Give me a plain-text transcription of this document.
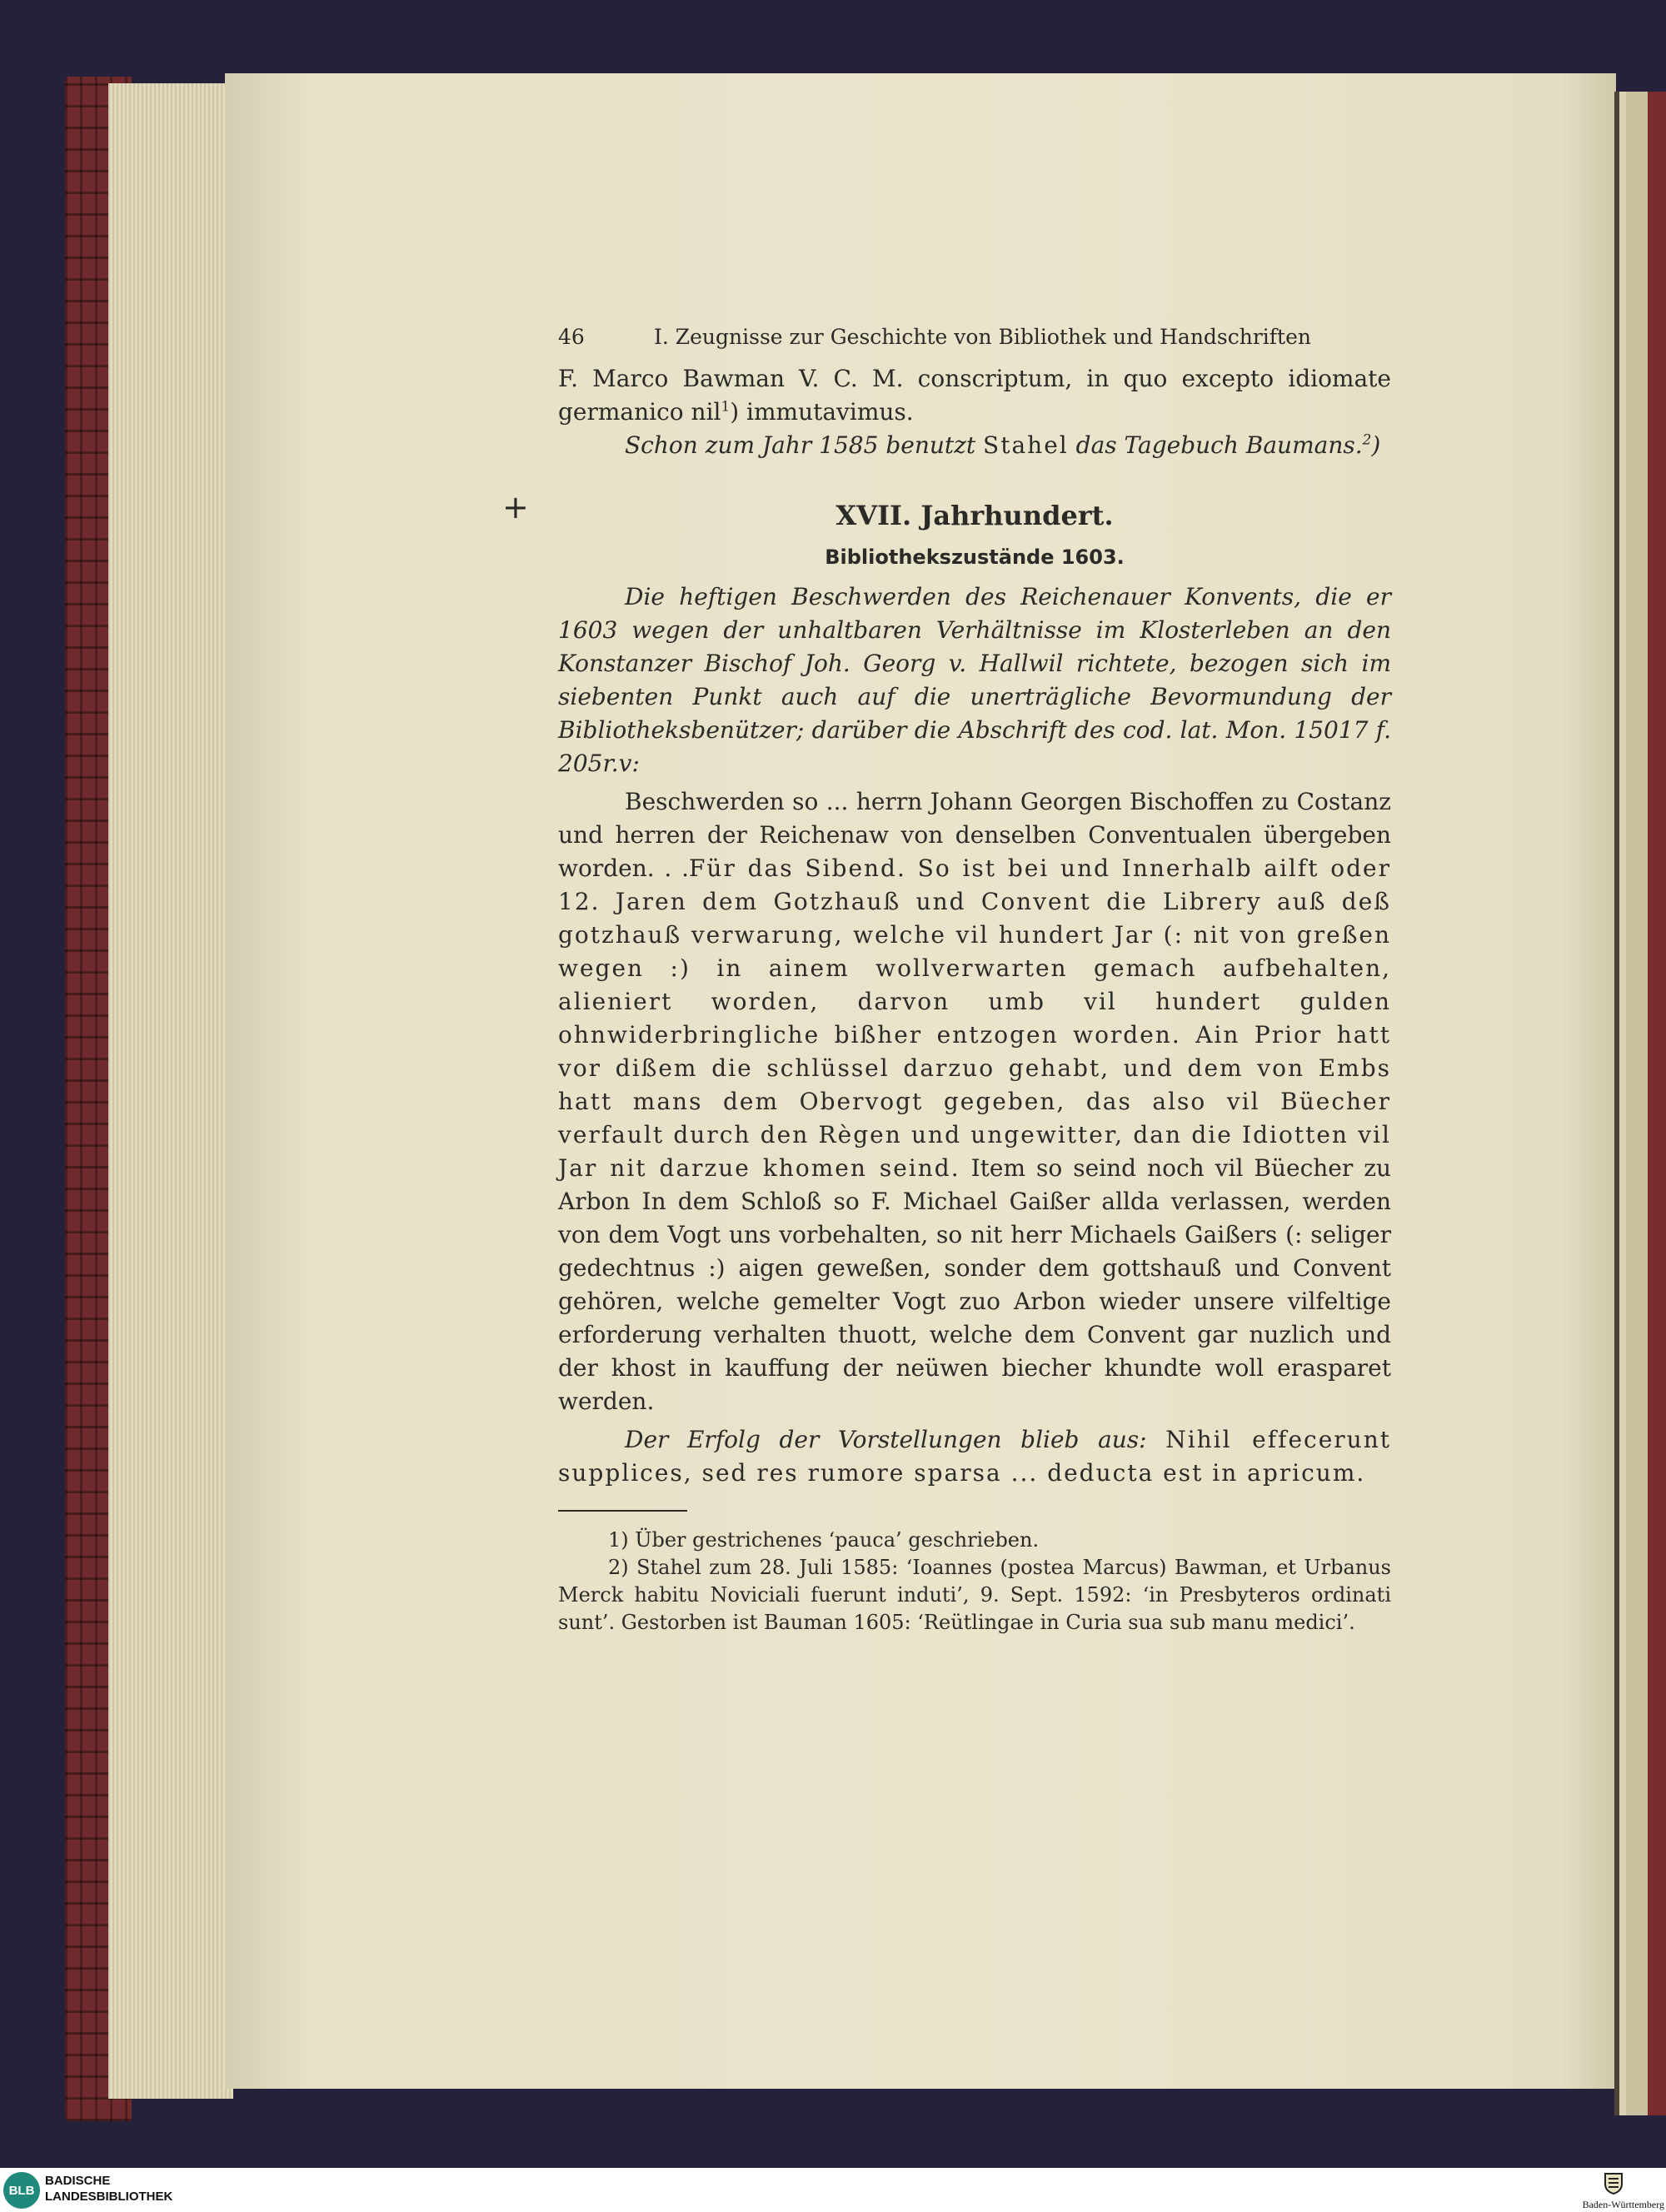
+
46	I. Zeugnisse zur Geschichte von Bibliothek und Handschriften

F. Marco Bawman V. C. M. conscriptum, in quo excepto idiomate germanico nil$^1$) immutavimus.

Schon zum Jahr 1585 benutzt Stahel das Tagebuch Baumans.$^2$)

XVII. Jahrhundert.
Bibliothekszustände 1603.

Die heftigen Beschwerden des Reichenauer Konvents, die er 1603 wegen der unhaltbaren Verhältnisse im Klosterleben an den Konstanzer Bischof Joh. Georg v. Hallwil richtete, bezogen sich im siebenten Punkt auch auf die unerträgliche Bevormundung der Bibliotheksbenützer; darüber die Abschrift des cod. lat. Mon. 15017 f. 205r.v:

Beschwerden so ... herrn Johann Georgen Bischoffen zu Costanz und herren der Reichenaw von denselben Conventualen übergeben worden. . .Für das Sibend. So ist bei und Innerhalb ailft oder 12. Jaren dem Gotzhauß und Convent die Librery auß deß gotzhauß verwarung, welche vil hundert Jar (: nit von greßen wegen :) in ainem wollverwarten gemach aufbehalten, alieniert worden, darvon umb vil hundert gulden ohnwiderbringliche bißher entzogen worden. Ain Prior hatt vor dißem die schlüssel darzuo gehabt, und dem von Embs hatt mans dem Obervogt gegeben, das also vil Büecher verfault durch den Règen und ungewitter, dan die Idiotten vil Jar nit darzue khomen seind. Item so seind noch vil Büecher zu Arbon In dem Schloß so F. Michael Gaißer allda verlassen, werden von dem Vogt uns vorbehalten, so nit herr Michaels Gaißers (: seliger gedechtnus :) aigen geweßen, sonder dem gottshauß und Convent gehören, welche gemelter Vogt zuo Arbon wieder unsere vilfeltige erforderung verhalten thuott, welche dem Convent gar nuzlich und der khost in kauffung der neüwen biecher khundte woll erasparet werden.

Der Erfolg der Vorstellungen blieb aus: Nihil effecerunt supplices, sed res rumore sparsa ... deducta est in apricum.

1) Über gestrichenes ‘pauca’ geschrieben.

2) Stahel zum 28. Juli 1585: ‘Ioannes (postea Marcus) Bawman, et Urbanus Merck habitu Noviciali fuerunt induti’, 9. Sept. 1592: ‘in Presbyteros ordinati sunt’. Gestorben ist Bauman 1605: ‘Reütlingae in Curia sua sub manu medici’.

BLB
BADISCHE
LANDESBIBLIOTHEK
Baden-Württemberg
